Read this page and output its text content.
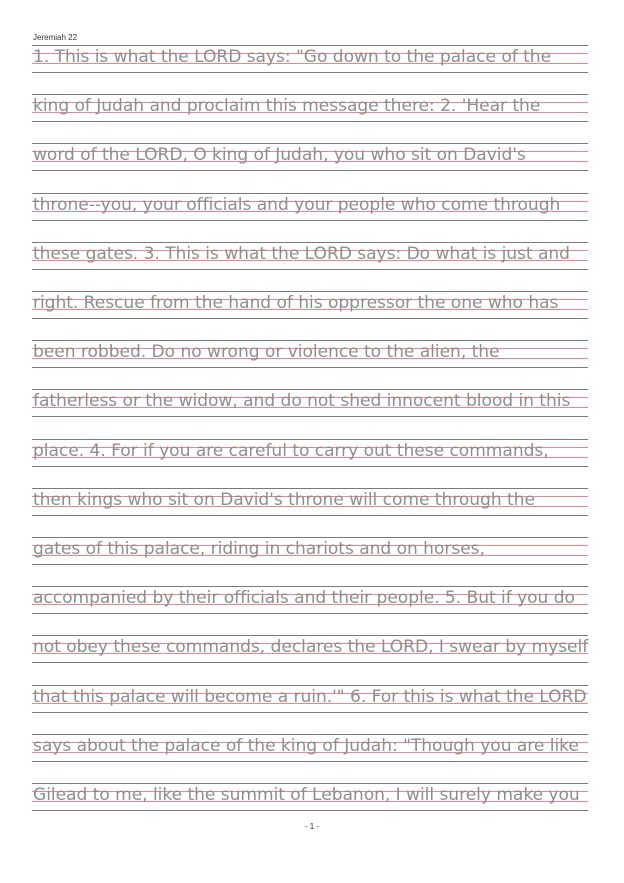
Jeremiah 22
1. This is what the LORD says: "Go down to the palace of the
king of Judah and proclaim this message there: 2. 'Hear the
word of the LORD, O king of Judah, you who sit on David's
throne--you, your officials and your people who come through
these gates. 3. This is what the LORD says: Do what is just and
right. Rescue from the hand of his oppressor the one who has
been robbed. Do no wrong or violence to the alien, the
fatherless or the widow, and do not shed innocent blood in this
place. 4. For if you are careful to carry out these commands,
then kings who sit on David's throne will come through the
gates of this palace, riding in chariots and on horses,
accompanied by their officials and their people. 5. But if you do
not obey these commands, declares the LORD, I swear by myself
that this palace will become a ruin.'" 6. For this is what the LORD
says about the palace of the king of Judah: "Though you are like
Gilead to me, like the summit of Lebanon, I will surely make you
- 1 -
